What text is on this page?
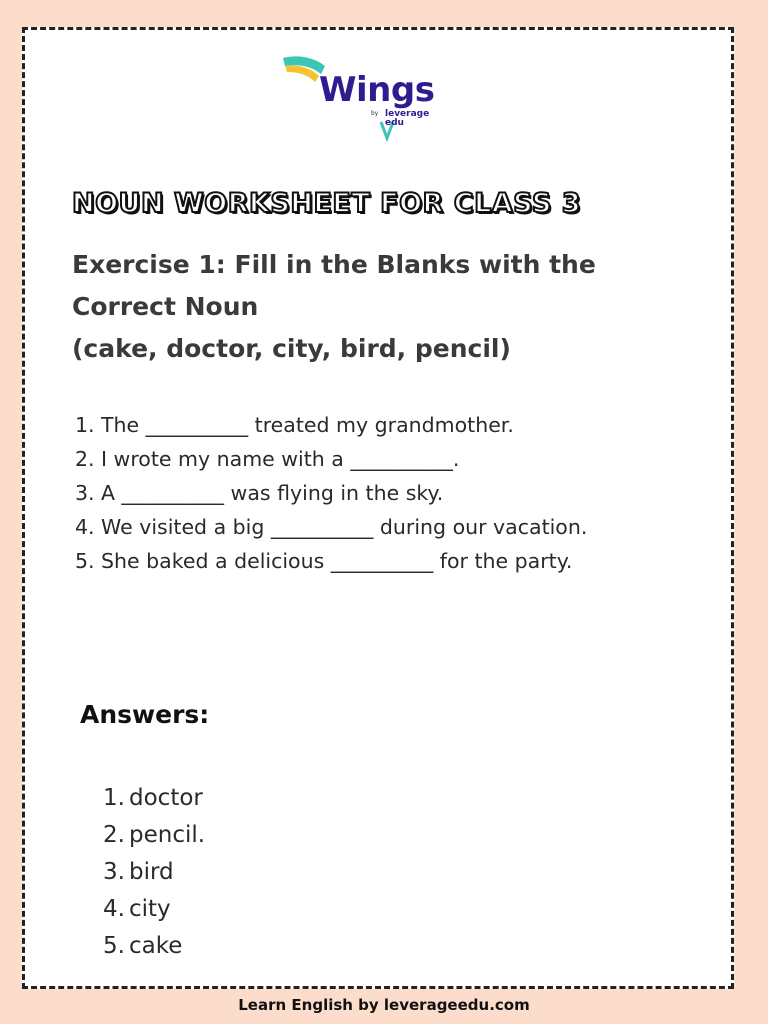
Wings
by leverage
edu
NOUN WORKSHEET FOR CLASS 3
Exercise 1: Fill in the Blanks with the
Correct Noun
(cake, doctor, city, bird, pencil)
1. The __________ treated my grandmother.
2. I wrote my name with a __________.
3. A __________ was flying in the sky.
4. We visited a big __________ during our vacation.
5. She baked a delicious __________ for the party.
Answers:
1. doctor
2. pencil.
3. bird
4. city
5. cake
Learn English by leverageedu.com
